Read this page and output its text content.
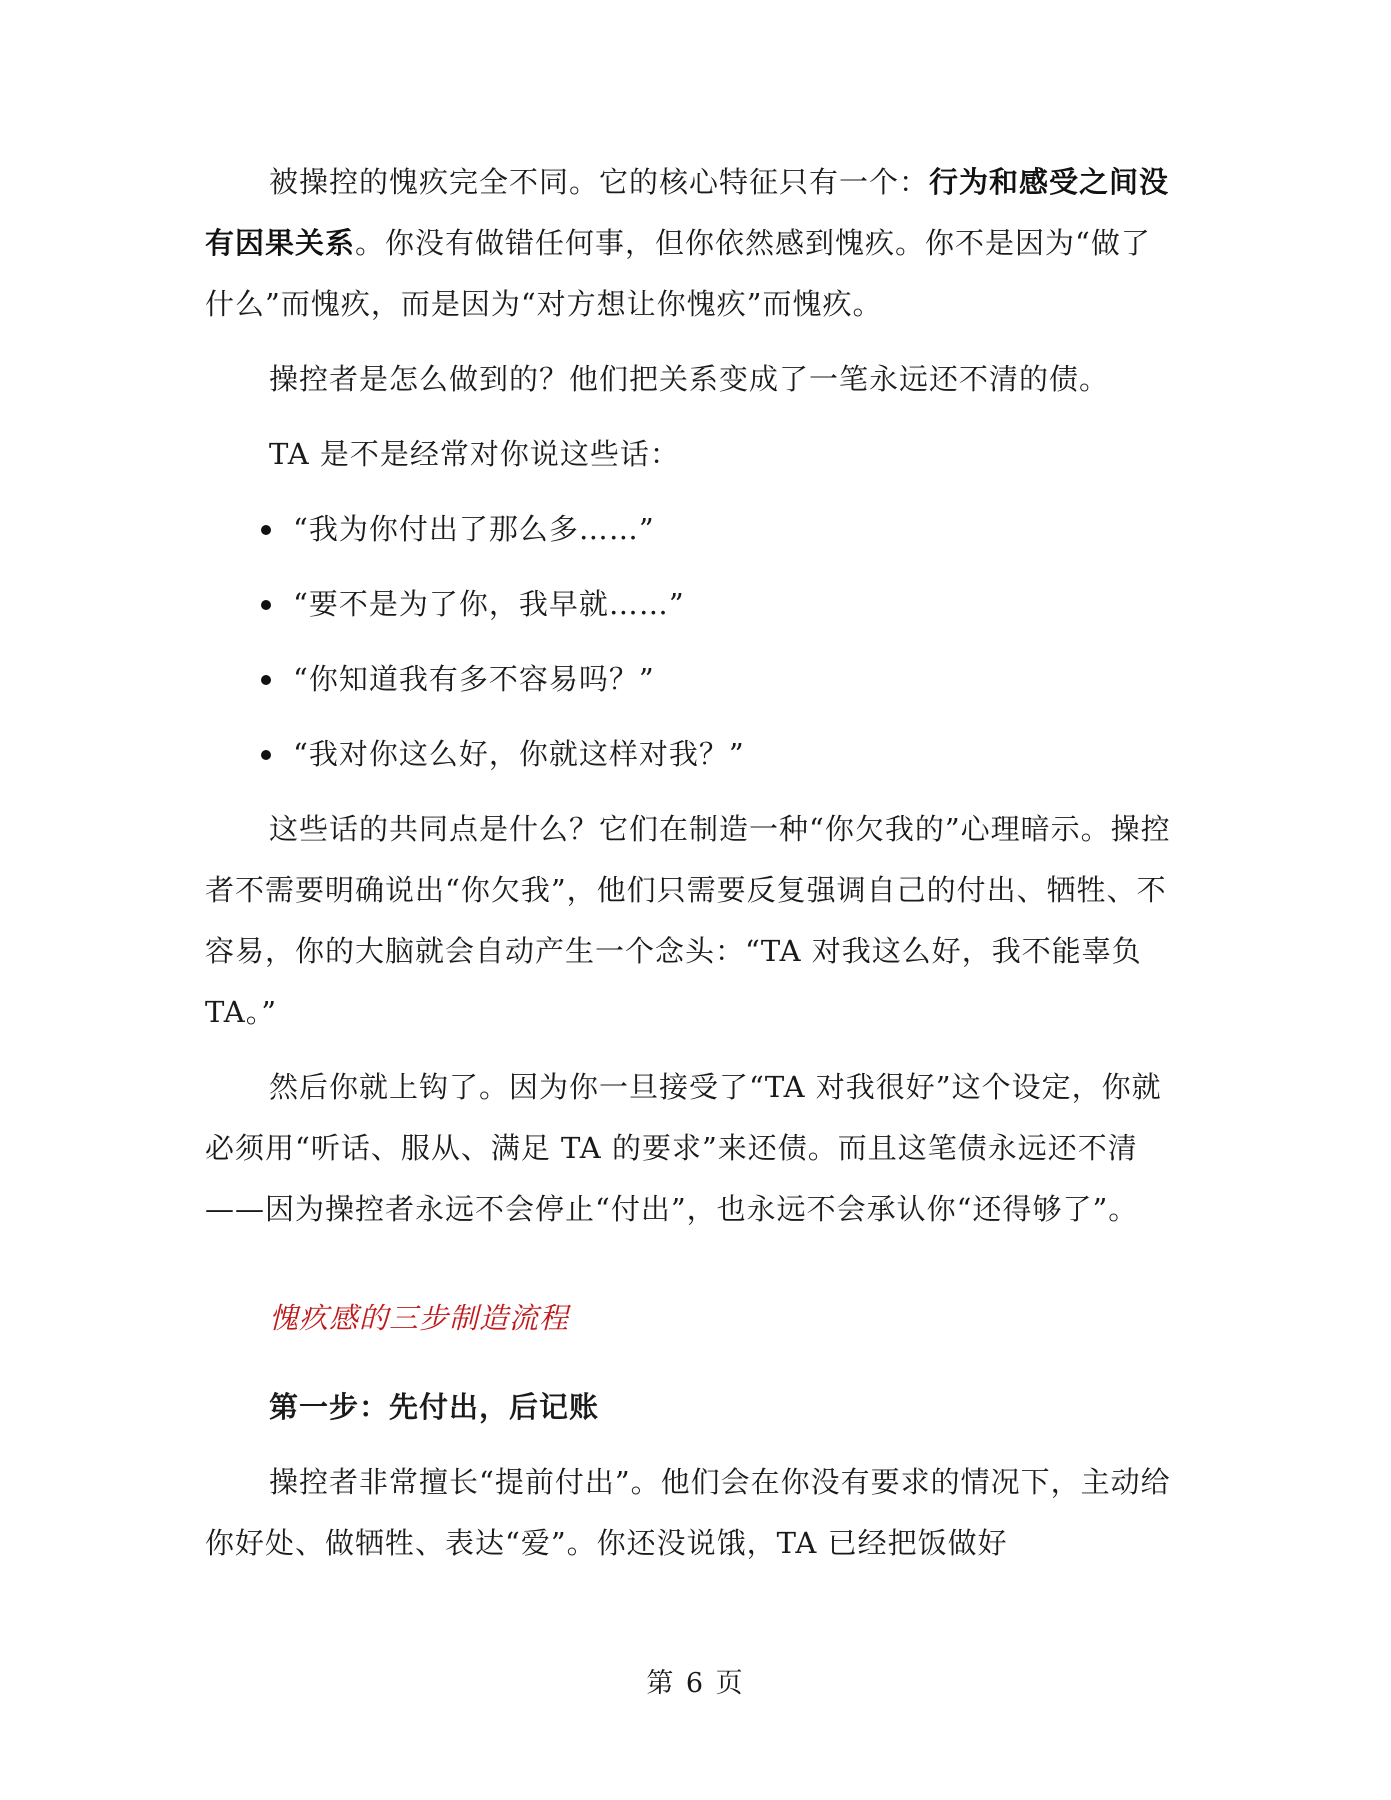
被操控的愧疚完全不同。它的核心特征只有一个：行为和感受之间没有因果关系。你没有做错任何事，但你依然感到愧疚。你不是因为“做了什么”而愧疚，而是因为“对方想让你愧疚”而愧疚。

操控者是怎么做到的？他们把关系变成了一笔永远还不清的债。

TA 是不是经常对你说这些话：

“我为你付出了那么多……”
“要不是为了你，我早就……”
“你知道我有多不容易吗？”
“我对你这么好，你就这样对我？”

这些话的共同点是什么？它们在制造一种“你欠我的”心理暗示。操控者不需要明确说出“你欠我”，他们只需要反复强调自己的付出、牺牲、不容易，你的大脑就会自动产生一个念头：“TA 对我这么好，我不能辜负 TA。”

然后你就上钩了。因为你一旦接受了“TA 对我很好”这个设定，你就必须用“听话、服从、满足 TA 的要求”来还债。而且这笔债永远还不清——因为操控者永远不会停止“付出”，也永远不会承认你“还得够了”。

愧疚感的三步制造流程
第一步：先付出，后记账

操控者非常擅长“提前付出”。他们会在你没有要求的情况下，主动给你好处、做牺牲、表达“爱”。你还没说饿，TA 已经把饭做好

第 6 页
